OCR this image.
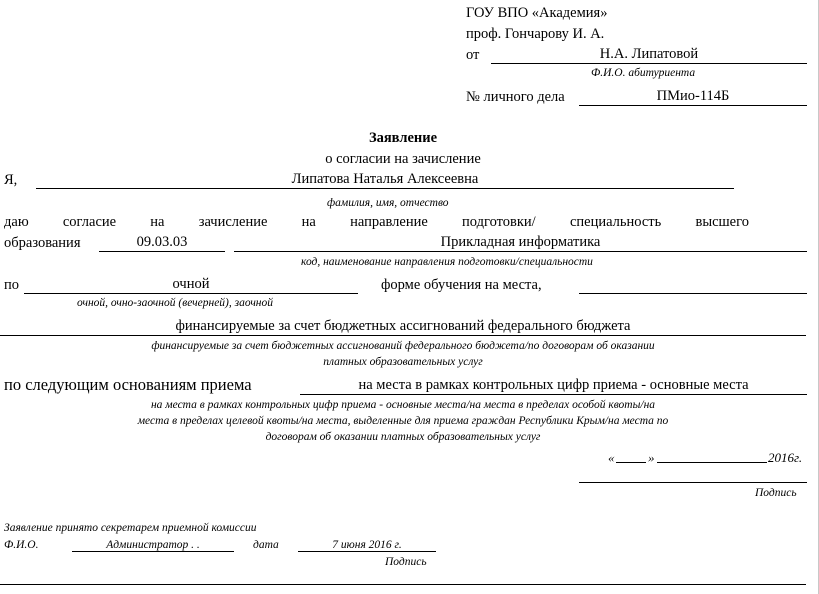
ГОУ ВПО «Академия»
проф. Гончарову И. А.
от	Н.А. Липатовой
Ф.И.О. абитуриента
№ личного дела	ПМио-114Б
Заявление
о согласии на зачисление
Я,	Липатова Наталья Алексеевна
фамилия, имя, отчество
даю согласие на зачисление на направление подготовки/ специальность высшего
образования	09.03.03	Прикладная информатика
код, наименование направления подготовки/специальности
по	очной	форме обучения на места,
очной, очно-заочной (вечерней), заочной
финансируемые за счет бюджетных ассигнований федерального бюджета
финансируемые за счет бюджетных ассигнований федерального бюджета/по договорам об оказании
платных образовательных услуг
по следующим основаниям приема	на места в рамках контрольных цифр приема - основные места
на места в рамках контрольных цифр приема - основные места/на места в пределах особой квоты/на
места в пределах целевой квоты/на места, выделенные для приема граждан Республики Крым/на места по
договорам об оказании платных образовательных услуг
«	»	2016г.
Подпись
Заявление принято секретарем приемной комиссии
Ф.И.О.	Администратор . .	дата	7 июня 2016 г.
Подпись
